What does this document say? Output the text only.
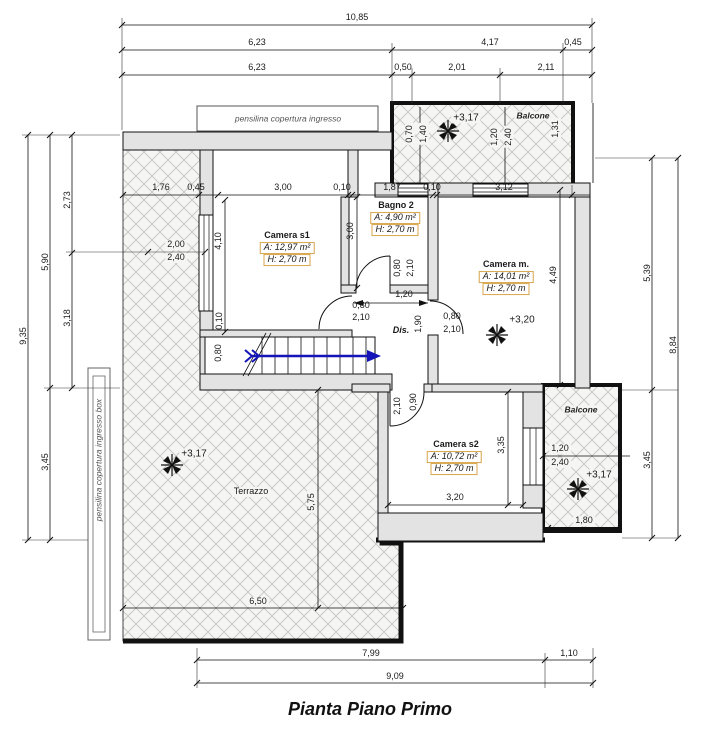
10,85
6,23	4,17	0,45
6,23	0,50	2,01	2,11
1,76 0,45	3,00	0,10	1,87 0,10	3,12
2,73
5,90
3,18
9,35
3,45
5,39
8,84
3,45
4,49
3,35
1,31
7,99	1,10
9,09
2,00
2,40
4,10
0,10
0,80
3,00
0,70 1,40	1,20 2,40
1,20
0,80
2,10	0,80
2,10
0,80 2,10
2,10 0,90
1,90
3,20
1,20
2,40
1,80
5,75
6,50
pensilina copertura ingresso
pensilina copertura ingresso box
Balcone
Balcone
Terrazzo
Dis.
+3,17
+3,20
+3,17
+3,17
Camera s1
A: 12,97 m²
H: 2,70 m
Bagno 2
A: 4,90 m²
H: 2,70 m
Camera m.
A: 14,01 m²
H: 2,70 m
Camera s2
A: 10,72 m²
H: 2,70 m
Pianta Piano Primo
